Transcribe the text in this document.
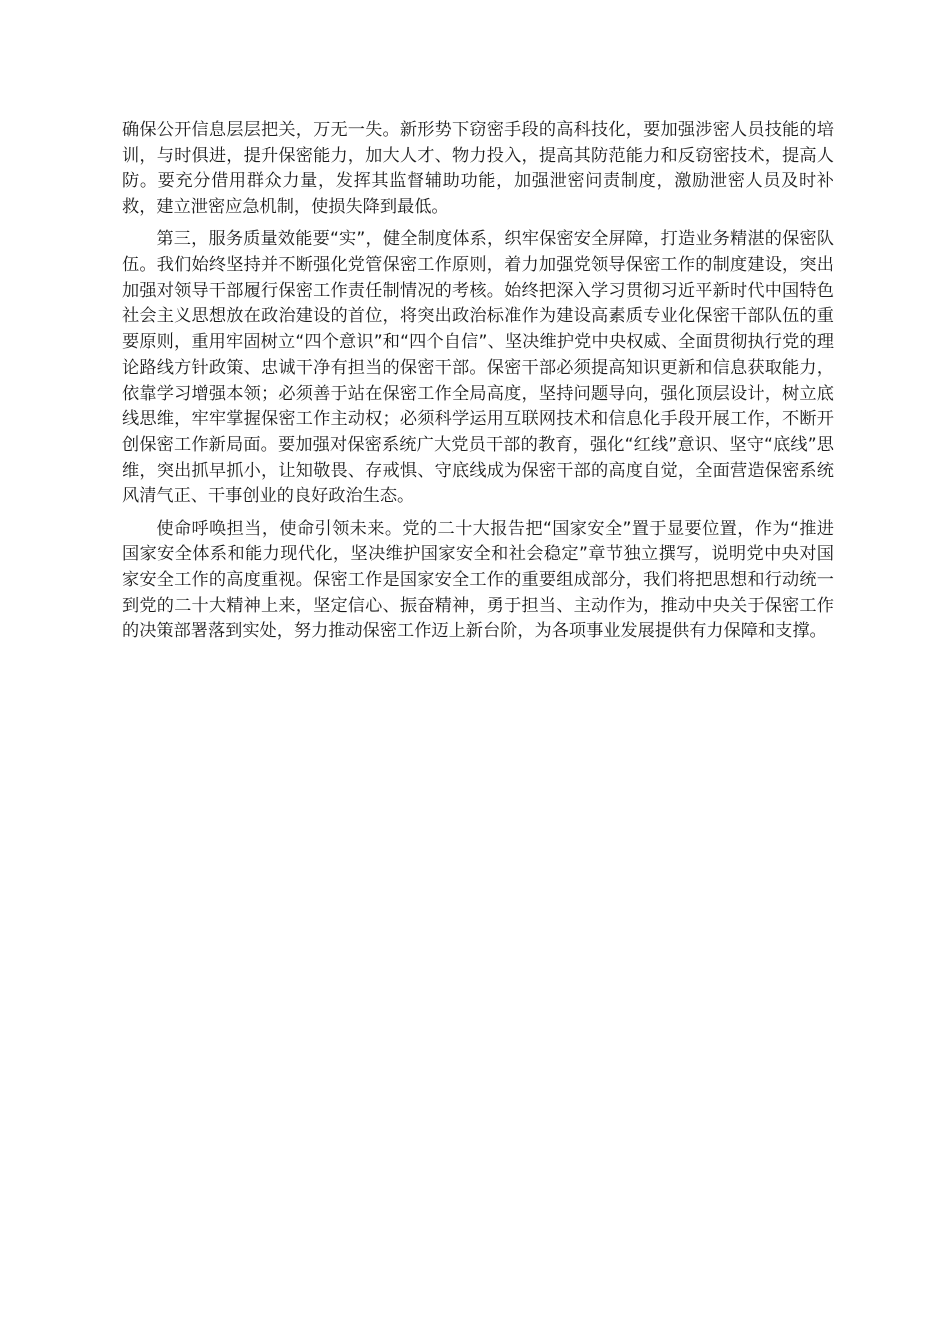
确保公开信息层层把关，万无一失。新形势下窃密手段的高科技化，要加强涉密人员技能的培训，与时俱进，提升保密能力，加大人才、物力投入，提高其防范能力和反窃密技术，提高人防。要充分借用群众力量，发挥其监督辅助功能，加强泄密问责制度，激励泄密人员及时补救，建立泄密应急机制，使损失降到最低。

第三，服务质量效能要“实”，健全制度体系，织牢保密安全屏障，打造业务精湛的保密队伍。我们始终坚持并不断强化党管保密工作原则，着力加强党领导保密工作的制度建设，突出加强对领导干部履行保密工作责任制情况的考核。始终把深入学习贯彻习近平新时代中国特色社会主义思想放在政治建设的首位，将突出政治标准作为建设高素质专业化保密干部队伍的重要原则，重用牢固树立“四个意识”和“四个自信”、坚决维护党中央权威、全面贯彻执行党的理论路线方针政策、忠诚干净有担当的保密干部。保密干部必须提高知识更新和信息获取能力，依靠学习增强本领；必须善于站在保密工作全局高度，坚持问题导向，强化顶层设计，树立底线思维，牢牢掌握保密工作主动权；必须科学运用互联网技术和信息化手段开展工作，不断开创保密工作新局面。要加强对保密系统广大党员干部的教育，强化“红线”意识、坚守“底线”思维，突出抓早抓小，让知敬畏、存戒惧、守底线成为保密干部的高度自觉，全面营造保密系统风清气正、干事创业的良好政治生态。

使命呼唤担当，使命引领未来。党的二十大报告把“国家安全”置于显要位置，作为“推进国家安全体系和能力现代化，坚决维护国家安全和社会稳定”章节独立撰写，说明党中央对国家安全工作的高度重视。保密工作是国家安全工作的重要组成部分，我们将把思想和行动统一到党的二十大精神上来，坚定信心、振奋精神，勇于担当、主动作为，推动中央关于保密工作的决策部署落到实处，努力推动保密工作迈上新台阶，为各项事业发展提供有力保障和支撑。
